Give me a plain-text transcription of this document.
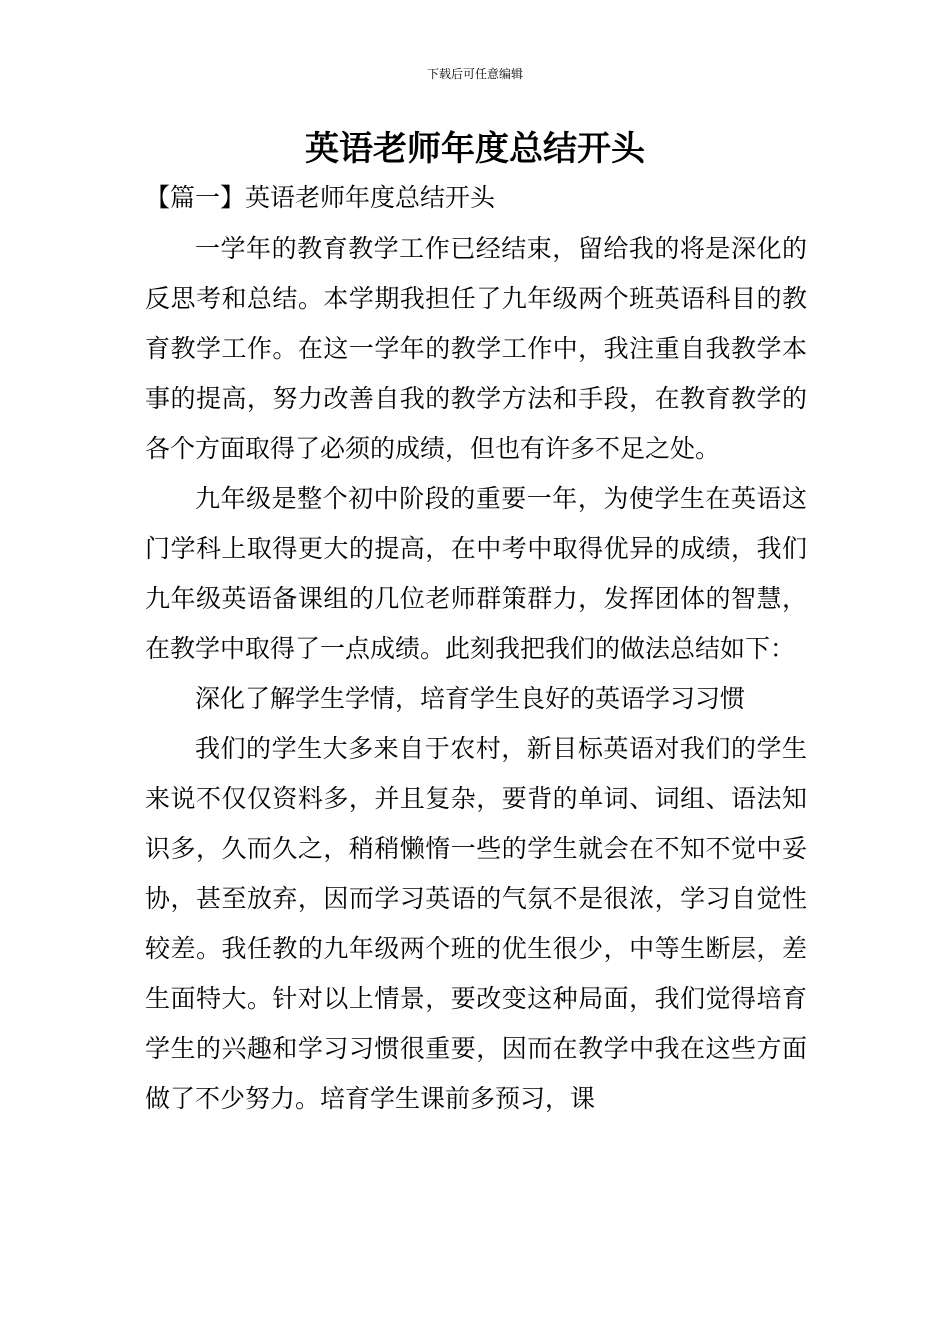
下载后可任意编辑
英语老师年度总结开头
【篇一】英语老师年度总结开头

一学年的教育教学工作已经结束，留给我的将是深化的反思考和总结。本学期我担任了九年级两个班英语科目的教育教学工作。在这一学年的教学工作中，我注重自我教学本事的提高，努力改善自我的教学方法和手段，在教育教学的各个方面取得了必须的成绩，但也有许多不足之处。

九年级是整个初中阶段的重要一年，为使学生在英语这门学科上取得更大的提高，在中考中取得优异的成绩，我们九年级英语备课组的几位老师群策群力，发挥团体的智慧，在教学中取得了一点成绩。此刻我把我们的做法总结如下：

深化了解学生学情，培育学生良好的英语学习习惯

我们的学生大多来自于农村，新目标英语对我们的学生来说不仅仅资料多，并且复杂，要背的单词、词组、语法知识多，久而久之，稍稍懒惰一些的学生就会在不知不觉中妥协，甚至放弃，因而学习英语的气氛不是很浓，学习自觉性较差。我任教的九年级两个班的优生很少，中等生断层，差生面特大。针对以上情景，要改变这种局面，我们觉得培育学生的兴趣和学习习惯很重要，因而在教学中我在这些方面做了不少努力。培育学生课前多预习，课
